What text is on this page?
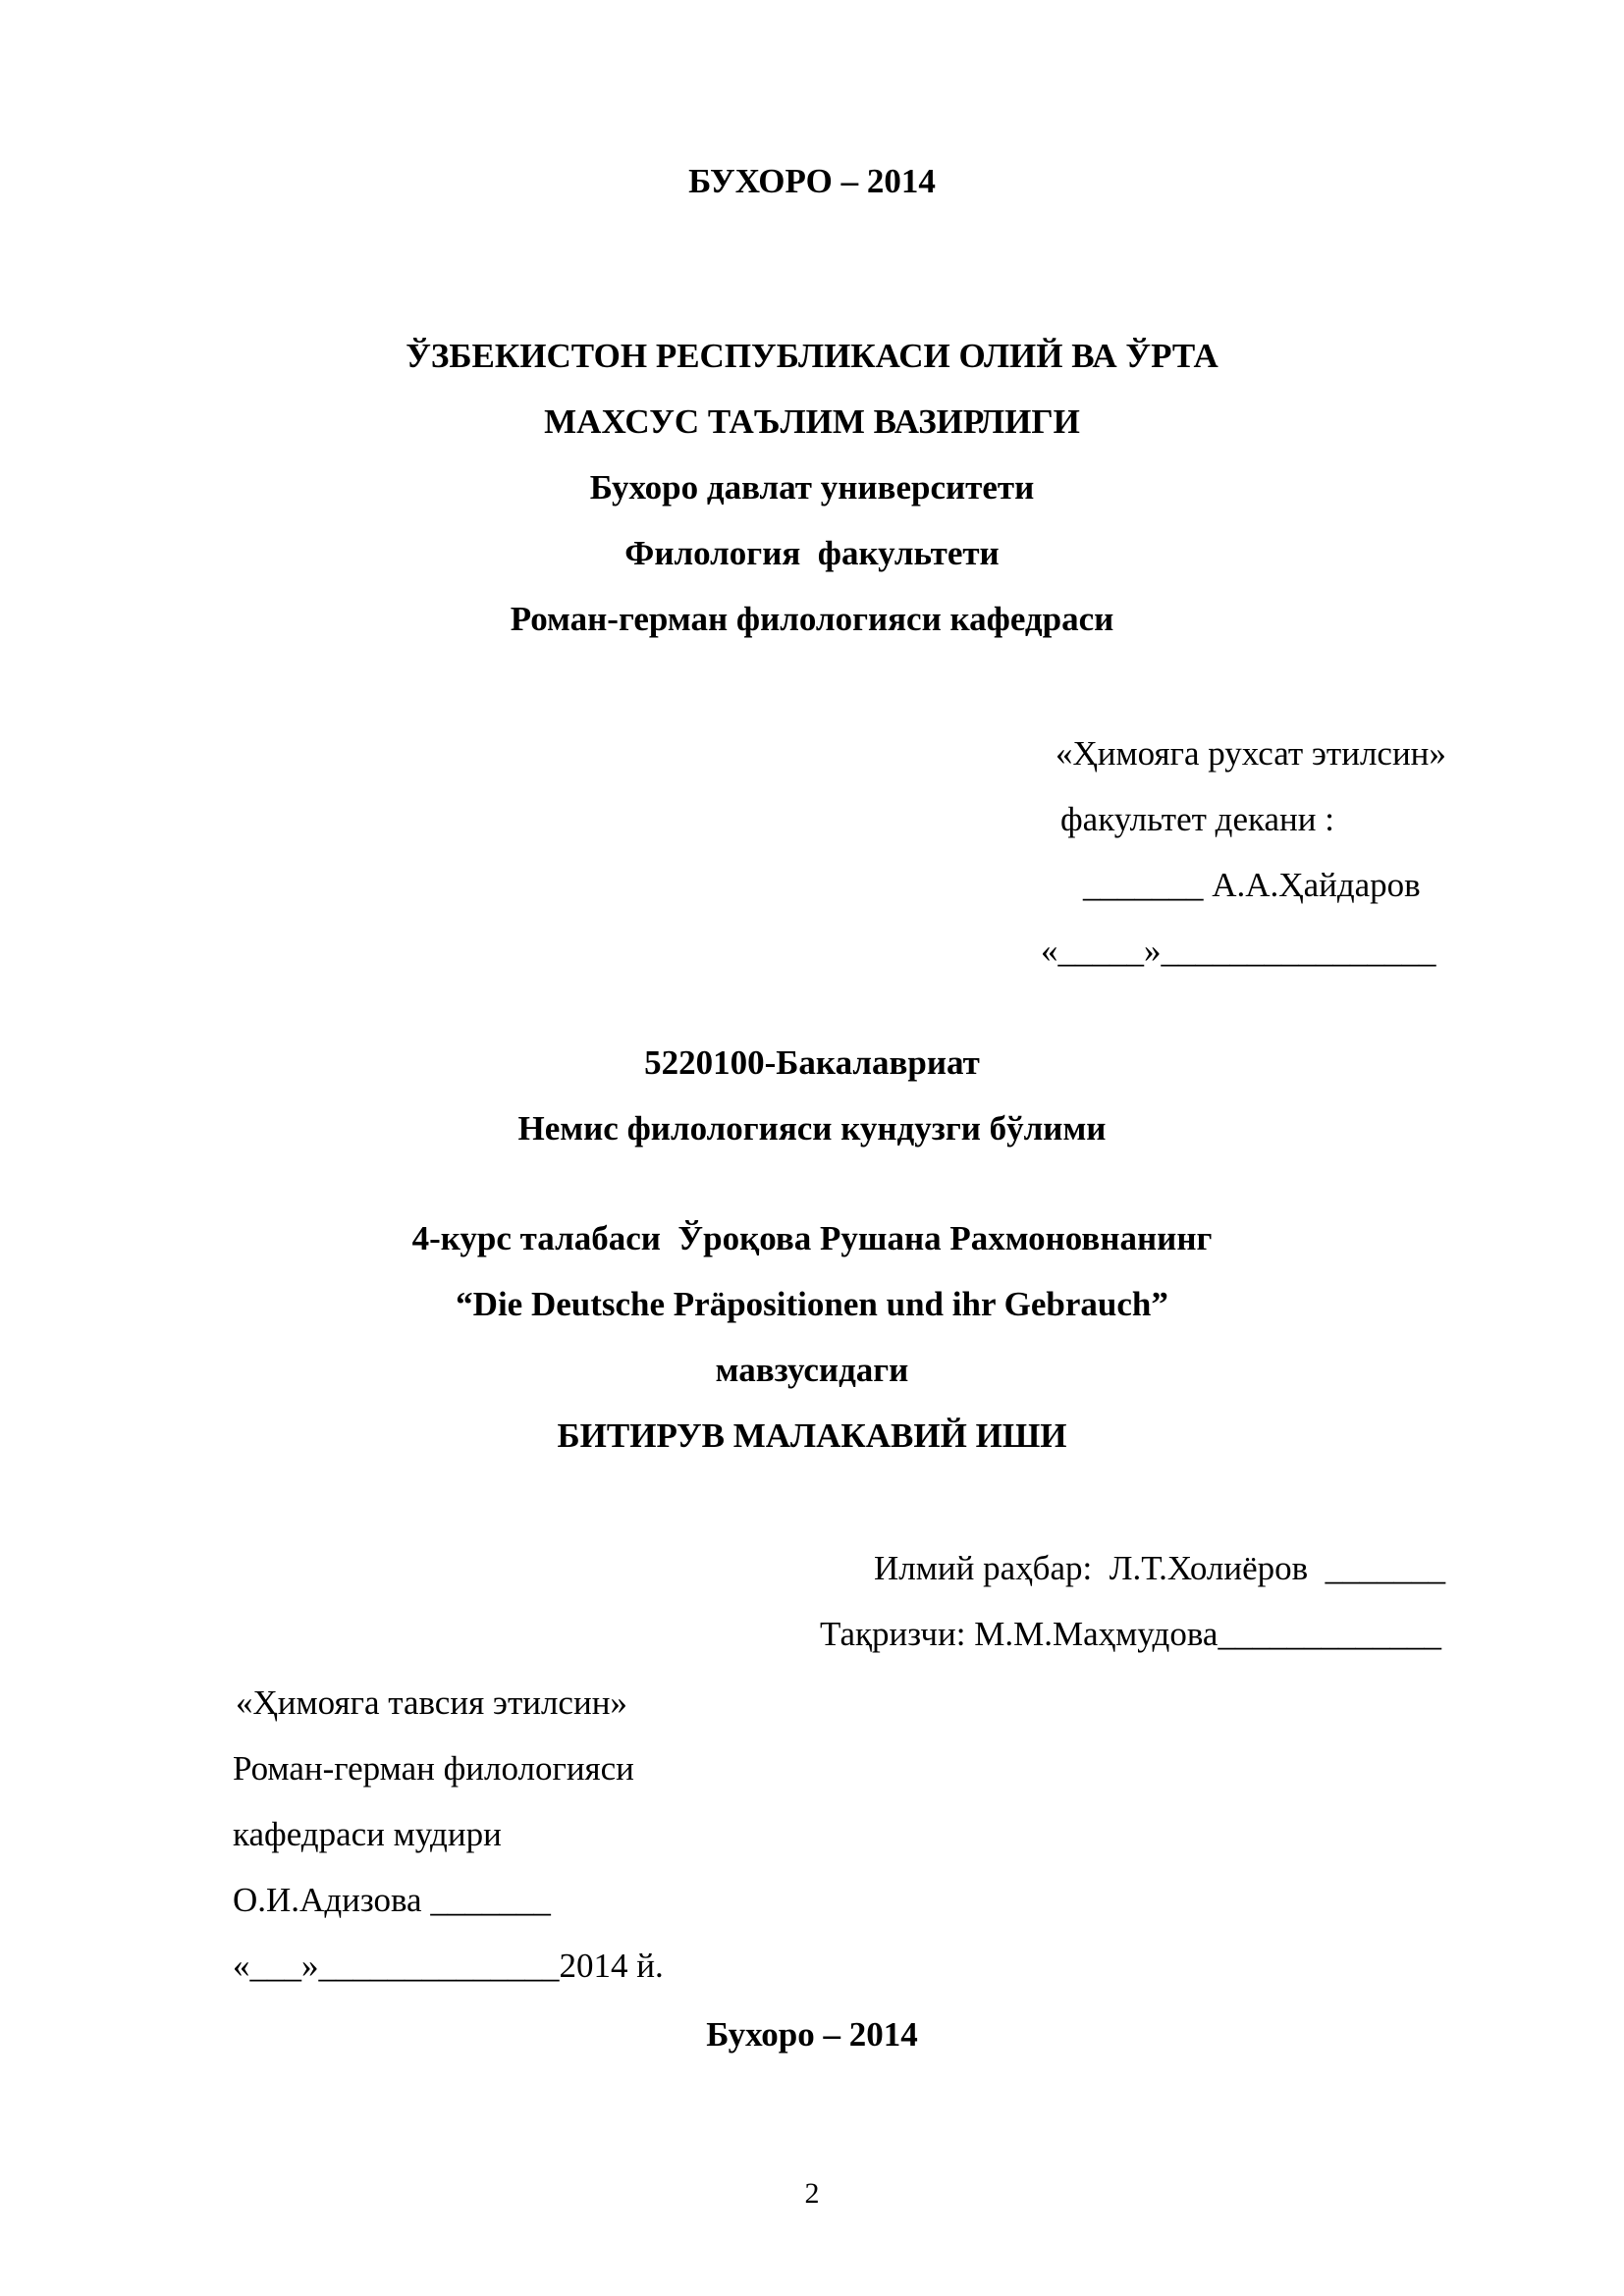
БУХОРО – 2014
ЎЗБЕКИСТОН РЕСПУБЛИКАСИ ОЛИЙ ВА ЎРТА
МАХСУС ТАЪЛИМ ВАЗИРЛИГИ
Бухоро давлат университети
Филология  факультети
Роман-герман филологияси кафедраси
«Ҳимояга рухсат этилсин»
факультет декани :
_______ А.А.Ҳайдаров
«_____»________________
5220100-Бакалавриат
Немис филологияси кундузги бўлими
4-курс талабаси  Ўроқова Рушана Рахмоновнанинг
“Die Deutsche Präpositionen und ihr Gebrauch”
мавзусидаги
БИТИРУВ МАЛАКАВИЙ ИШИ
Илмий раҳбар:  Л.Т.Холиёров  _______
Тақризчи: М.М.Маҳмудова_____________
«Ҳимояга тавсия этилсин»
Роман-герман филологияси
кафедраси мудири
О.И.Адизова _______
«___»______________2014 й.
Бухоро – 2014
2
